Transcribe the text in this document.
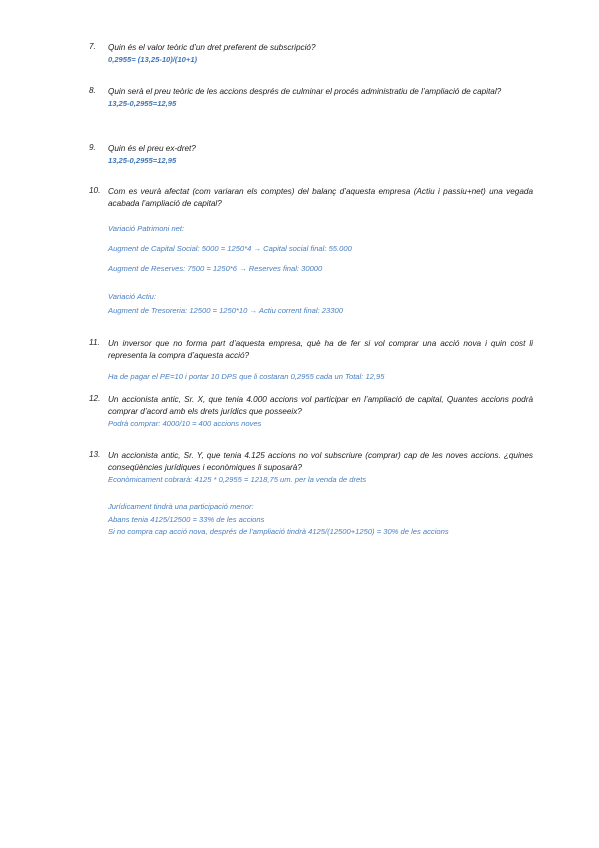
7.	Quin és el valor teòric d’un dret preferent de subscripció?
0,2955= (13,25-10)/(10+1)
8.	Quin serà el preu teòric de les accions després de culminar el procés administratiu de l’ampliació de capital?
13,25-0,2955=12,95
9.	Quin és el preu ex-dret?
13,25-0,2955=12,95
10. Com es veurà afectat (com variaran els comptes) del balanç d’aquesta empresa (Actiu i passiu+net) una vegada acabada l’ampliació de capital?
Variació Patrimoni net:
Augment de Capital Social: 5000 = 1250*4 → Capital social final: 55.000
Augment de Reserves: 7500 = 1250*6 → Reserves final: 30000
Variació Actiu:
Augment de Tresoreria: 12500 = 1250*10 → Actiu corrent final: 23300
11.	Un inversor que no forma part d’aquesta empresa, què ha de fer si vol comprar una acció nova i quin cost li representa la compra d’aquesta acció?
Ha de pagar el PE=10 i portar 10 DPS que li costaran 0,2955 cada un Total: 12,95
12. Un accionista antic, Sr. X, que tenia 4.000 accions vol participar en l’ampliació de capital, Quantes accions podrà comprar d’acord amb els drets jurídics que posseeix?
Podrà comprar: 4000/10 = 400 accions noves
13. Un accionista antic, Sr. Y, que tenia 4.125 accions no vol subscriure (comprar) cap de les noves accions. ¿quines conseqüències jurídiques i econòmiques li suposarà?
Econòmicament cobrarà: 4125 * 0,2955 = 1218,75 um. per la venda de drets
Jurídicament tindrà una participació menor:
Abans tenia 4125/12500 = 33% de les accions
Si no compra cap acció nova, després de l’ampliació tindrà 4125/(12500+1250) = 30% de les accions
